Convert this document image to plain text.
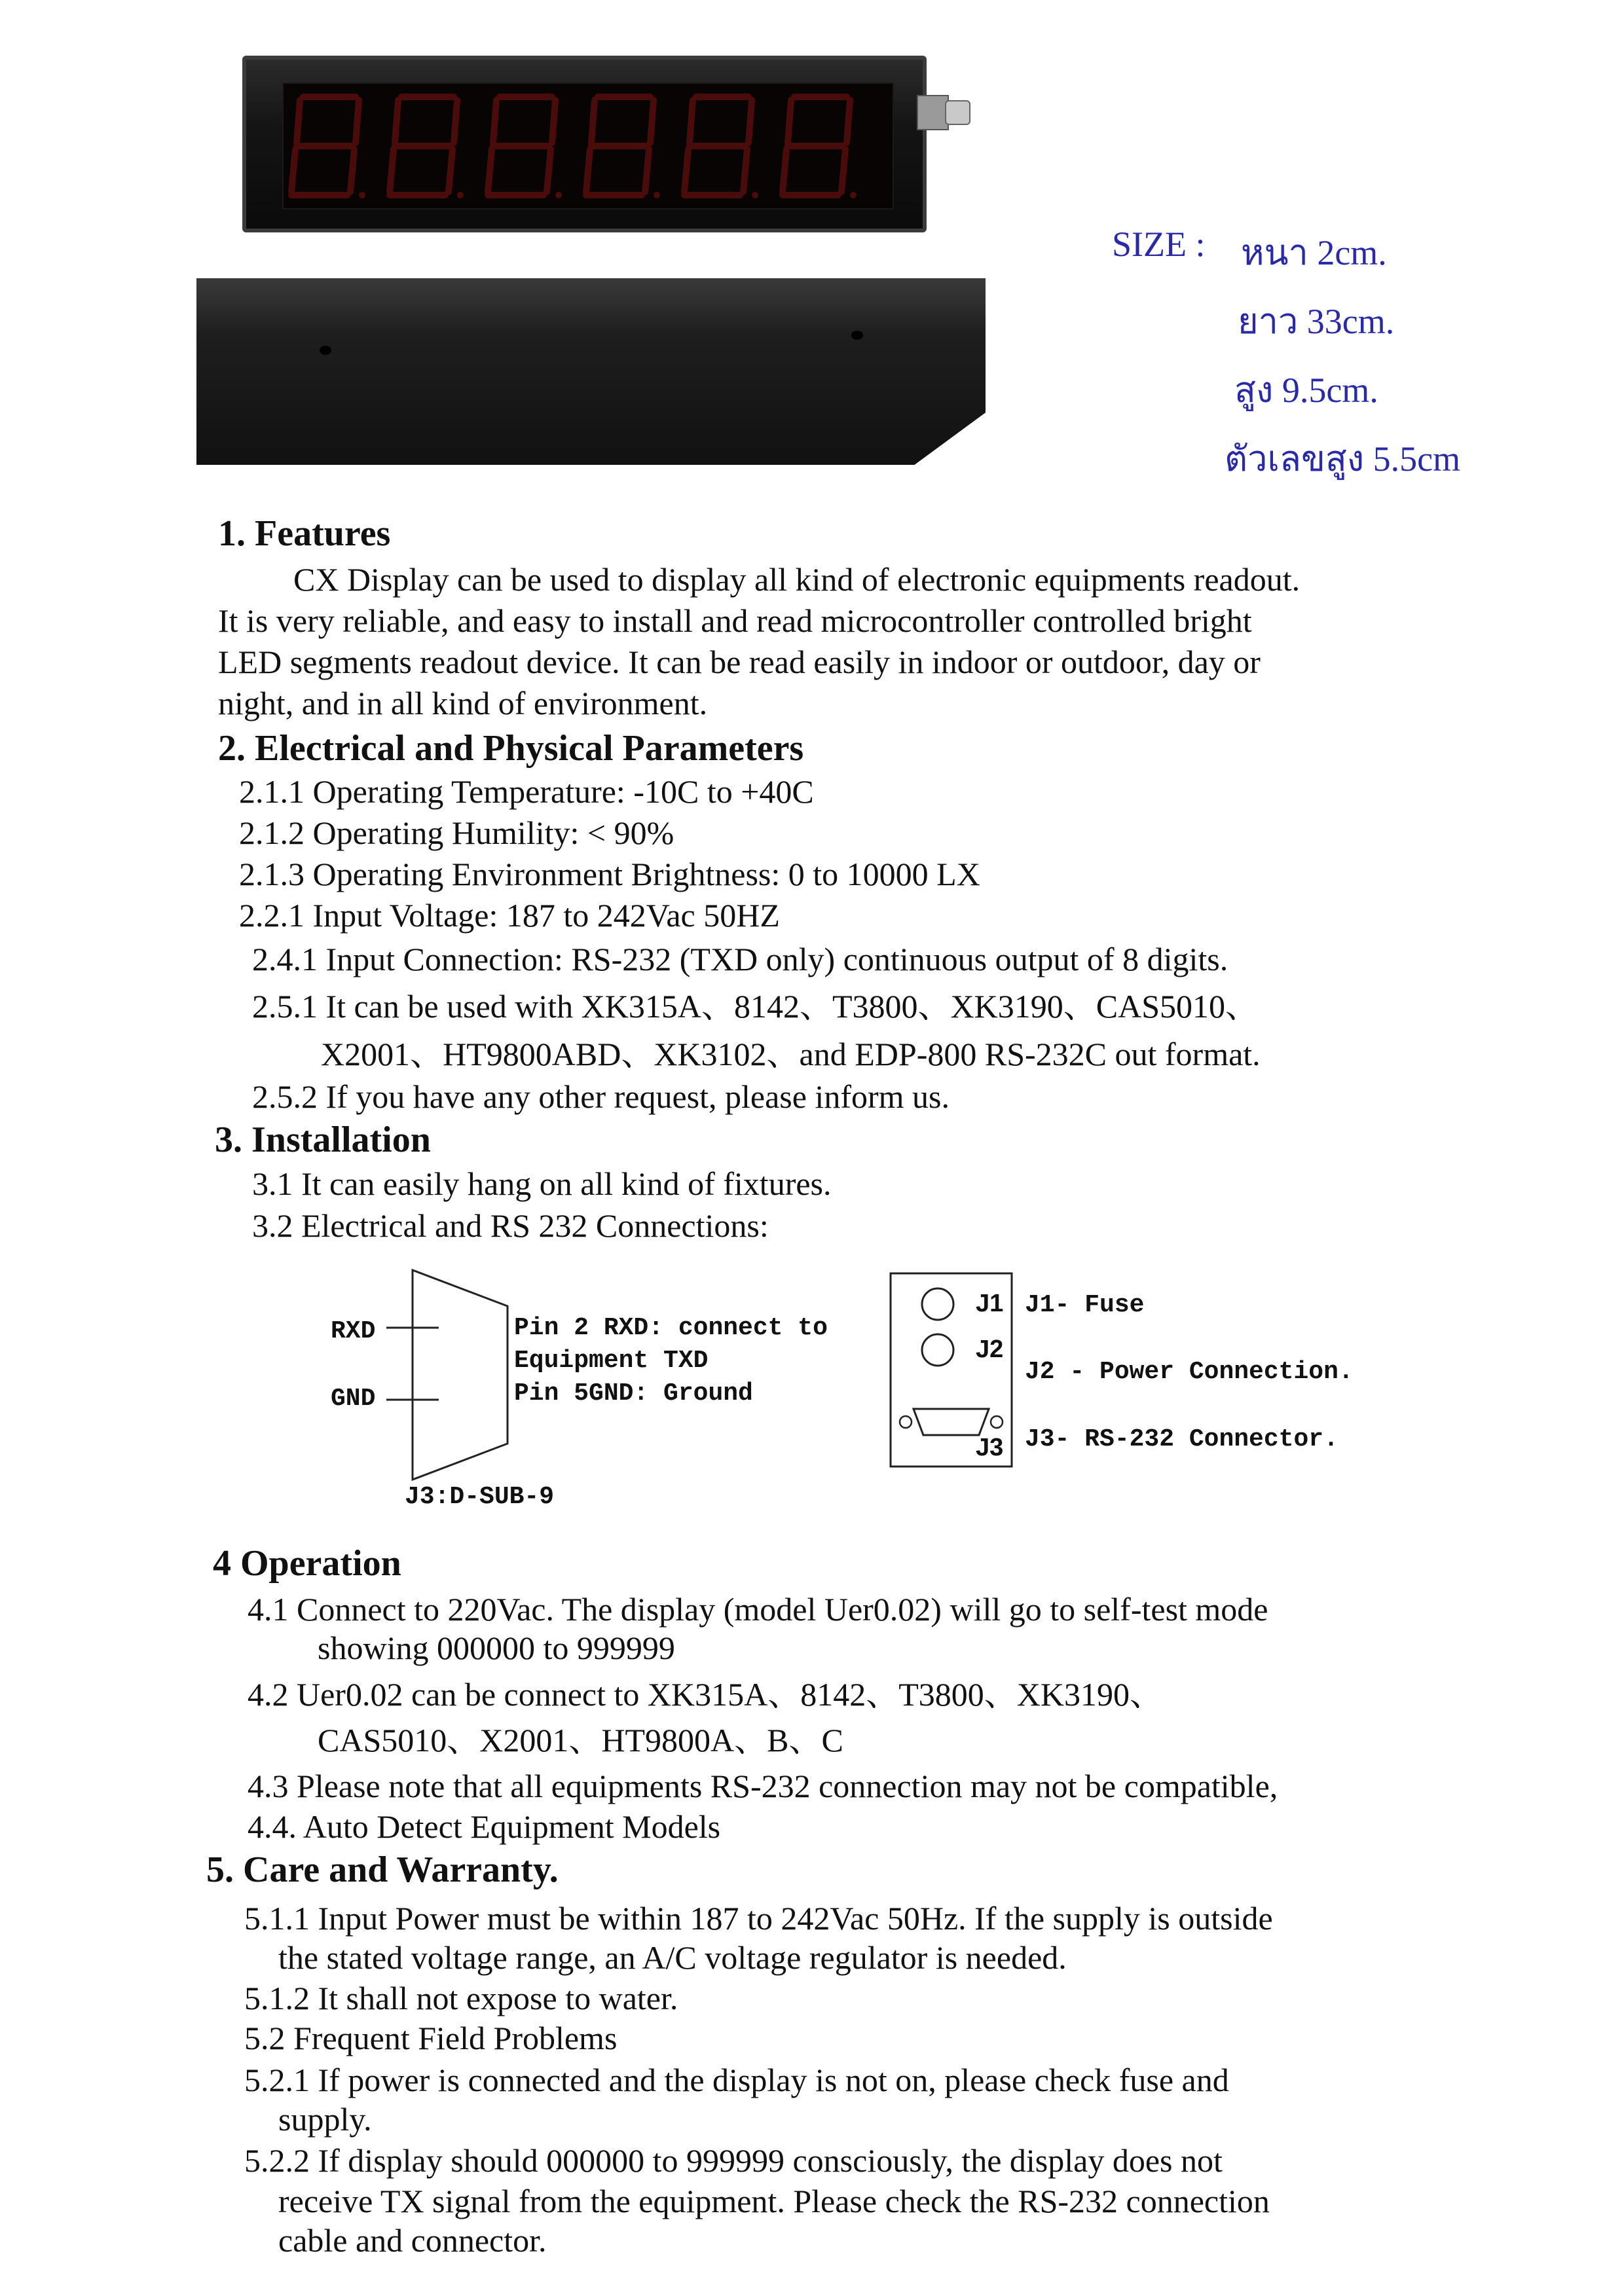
SIZE : หนา 2cm.
ยาว 33cm.
สูง 9.5cm.
ตัวเลขสูง 5.5cm
1. Features
CX Display can be used to display all kind of electronic equipments readout.
It is very reliable, and easy to install and read microcontroller controlled bright
LED segments readout device. It can be read easily in indoor or outdoor, day or
night, and in all kind of environment.
2. Electrical and Physical Parameters
2.1.1 Operating Temperature: -10C to +40C
2.1.2 Operating Humility: < 90%
2.1.3 Operating Environment Brightness: 0 to 10000 LX
2.2.1 Input Voltage: 187 to 242Vac 50HZ
2.4.1 Input Connection: RS-232 (TXD only) continuous output of 8 digits.
2.5.1 It can be used with XK315A、8142、T3800、XK3190、CAS5010、
X2001、HT9800ABD、XK3102、and EDP-800 RS-232C out format.
2.5.2 If you have any other request, please inform us.
3. Installation
3.1 It can easily hang on all kind of fixtures.
3.2 Electrical and RS 232 Connections:
RXD
GND
Pin 2 RXD: connect to
Equipment TXD
Pin 5GND: Ground
J3:D-SUB-9
J1
J2
J3
J1- Fuse
J2 - Power Connection.
J3- RS-232 Connector.
4 Operation
4.1 Connect to 220Vac. The display (model Uer0.02) will go to self-test mode
showing 000000 to 999999
4.2 Uer0.02 can be connect to XK315A、8142、T3800、XK3190、
CAS5010、X2001、HT9800A、B、C
4.3 Please note that all equipments RS-232 connection may not be compatible,
4.4. Auto Detect Equipment Models
5. Care and Warranty.
5.1.1 Input Power must be within 187 to 242Vac 50Hz. If the supply is outside
the stated voltage range, an A/C voltage regulator is needed.
5.1.2 It shall not expose to water.
5.2 Frequent Field Problems
5.2.1 If power is connected and the display is not on, please check fuse and
supply.
5.2.2 If display should 000000 to 999999 consciously, the display does not
receive TX signal from the equipment. Please check the RS-232 connection
cable and connector.
